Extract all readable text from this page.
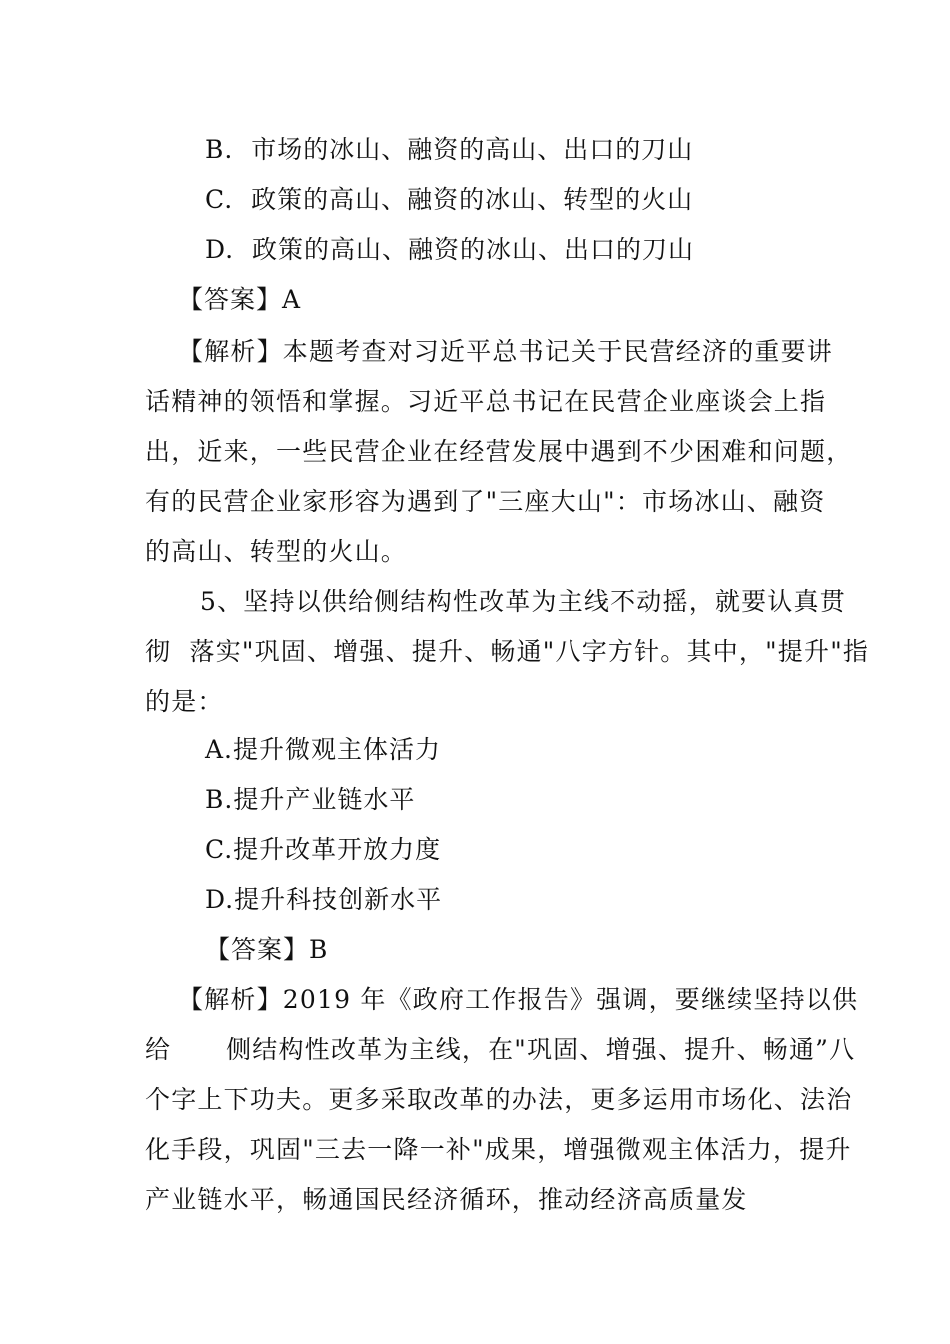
B.  市场的冰山、融资的高山、出口的刀山
C.  政策的高山、融资的冰山、转型的火山
D.  政策的高山、融资的冰山、出口的刀山
【答案】A
【解析】本题考查对习近平总书记关于民营经济的重要讲
话精神的领悟和掌握。习近平总书记在民营企业座谈会上指
出，近来，一些民营企业在经营发展中遇到不少困难和问题，
有的民营企业家形容为遇到了"三座大山"：市场冰山、融资
的高山、转型的火山。
5、坚持以供给侧结构性改革为主线不动摇，就要认真贯
彻  落实"巩固、增强、提升、畅通"八字方针。其中，"提升"指
的是：
A.提升微观主体活力
B.提升产业链水平
C.提升改革开放力度
D.提升科技创新水平
【答案】B
【解析】2019 年《政府工作报告》强调，要继续坚持以供
给      侧结构性改革为主线，在"巩固、增强、提升、畅通”八
个字上下功夫。更多采取改革的办法，更多运用市场化、法治
化手段，巩固"三去一降一补"成果，增强微观主体活力，提升
产业链水平，畅通国民经济循环，推动经济高质量发
